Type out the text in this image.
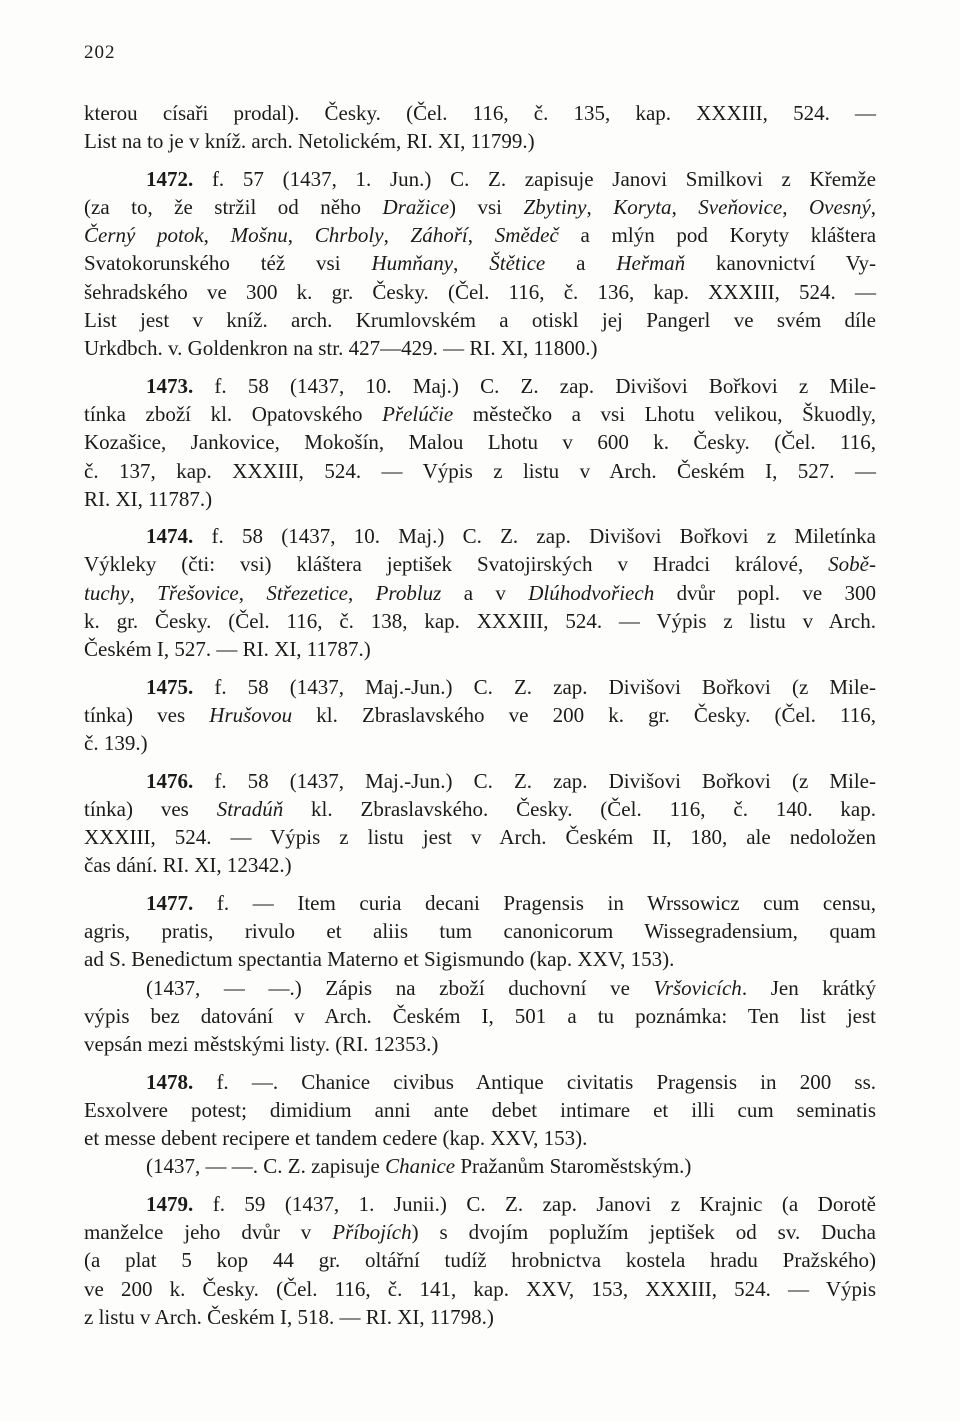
202
kterou císaři prodal). Česky. (Čel. 116, č. 135, kap. XXXIII, 524. —
List na to je v kníž. arch. Netolickém, RI. XI, 11799.)
1472. f. 57 (1437, 1. Jun.) C. Z. zapisuje Janovi Smilkovi z Křemže
(za to, že stržil od něho Dražice) vsi Zbytiny, Koryta, Sveňovice, Ovesný,
Černý potok, Mošnu, Chrboly, Záhoří, Smědeč a mlýn pod Koryty kláštera
Svatokorunského též vsi Humňany, Štětice a Heřmaň kanovnictví Vy-
šehradského ve 300 k. gr. Česky. (Čel. 116, č. 136, kap. XXXIII, 524. —
List jest v kníž. arch. Krumlovském a otiskl jej Pangerl ve svém díle
Urkdbch. v. Goldenkron na str. 427—429. — RI. XI, 11800.)
1473. f. 58 (1437, 10. Maj.) C. Z. zap. Divišovi Bořkovi z Mile-
tínka zboží kl. Opatovského Přelúčie městečko a vsi Lhotu velikou, Škuodly,
Kozašice, Jankovice, Mokošín, Malou Lhotu v 600 k. Česky. (Čel. 116,
č. 137, kap. XXXIII, 524. — Výpis z listu v Arch. Českém I, 527. —
RI. XI, 11787.)
1474. f. 58 (1437, 10. Maj.) C. Z. zap. Divišovi Bořkovi z Miletínka
Výkleky (čti: vsi) kláštera jeptišek Svatojirských v Hradci králové, Sobě-
tuchy, Třešovice, Střezetice, Probluz a v Dlúhodvořiech dvůr popl. ve 300
k. gr. Česky. (Čel. 116, č. 138, kap. XXXIII, 524. — Výpis z listu v Arch.
Českém I, 527. — RI. XI, 11787.)
1475. f. 58 (1437, Maj.-Jun.) C. Z. zap. Divišovi Bořkovi (z Mile-
tínka) ves Hrušovou kl. Zbraslavského ve 200 k. gr. Česky. (Čel. 116,
č. 139.)
1476. f. 58 (1437, Maj.-Jun.) C. Z. zap. Divišovi Bořkovi (z Mile-
tínka) ves Stradúň kl. Zbraslavského. Česky. (Čel. 116, č. 140. kap.
XXXIII, 524. — Výpis z listu jest v Arch. Českém II, 180, ale nedoložen
čas dání. RI. XI, 12342.)
1477. f. — Item curia decani Pragensis in Wrssowicz cum censu,
agris, pratis, rivulo et aliis tum canonicorum Wissegradensium, quam
ad S. Benedictum spectantia Materno et Sigismundo (kap. XXV, 153).
(1437, — —.) Zápis na zboží duchovní ve Vršovicích. Jen krátký
výpis bez datování v Arch. Českém I, 501 a tu poznámka: Ten list jest
vepsán mezi městskými listy. (RI. 12353.)
1478. f. —. Chanice civibus Antique civitatis Pragensis in 200 ss.
Esxolvere potest; dimidium anni ante debet intimare et illi cum seminatis
et messe debent recipere et tandem cedere (kap. XXV, 153).
(1437, — —. C. Z. zapisuje Chanice Pražanům Staroměstským.)
1479. f. 59 (1437, 1. Junii.) C. Z. zap. Janovi z Krajnic (a Dorotě
manželce jeho dvůr v Příbojích) s dvojím poplužím jeptišek od sv. Ducha
(a plat 5 kop 44 gr. oltářní tudíž hrobnictva kostela hradu Pražského)
ve 200 k. Česky. (Čel. 116, č. 141, kap. XXV, 153, XXXIII, 524. — Výpis
z listu v Arch. Českém I, 518. — RI. XI, 11798.)
